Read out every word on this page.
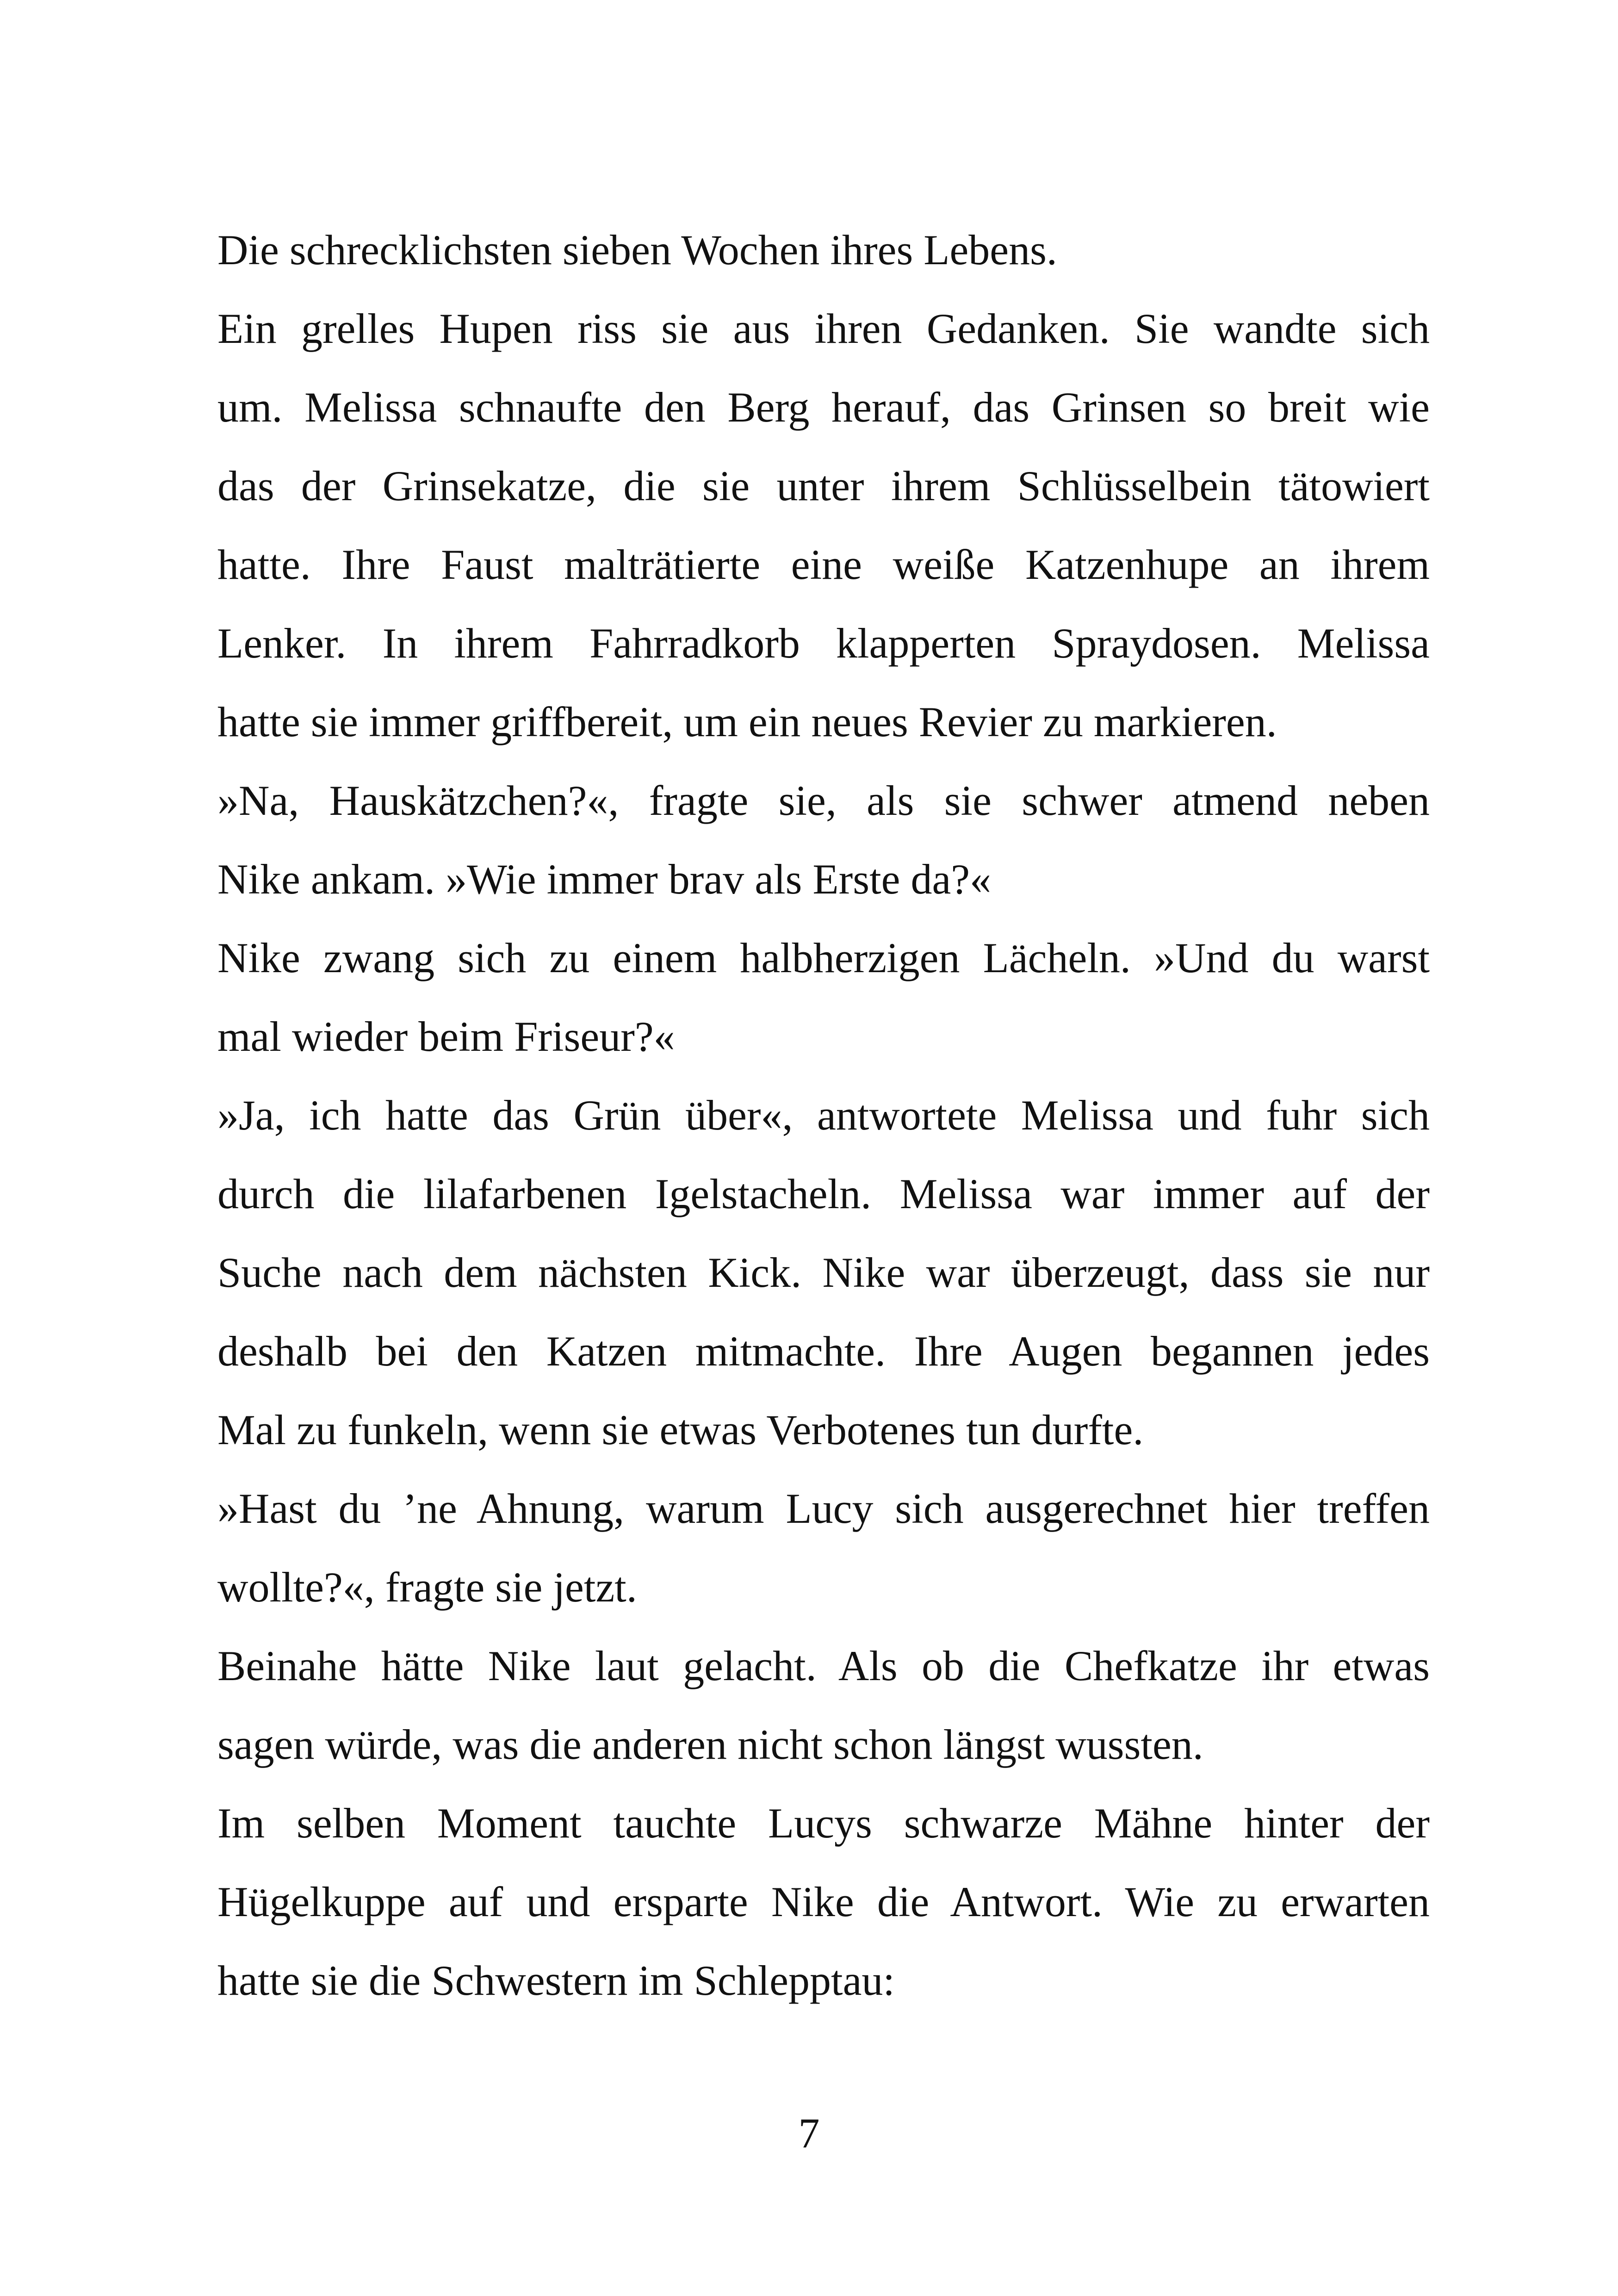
Die schrecklichsten sieben Wochen ihres Lebens.
Ein grelles Hupen riss sie aus ihren Gedanken. Sie wandte sich
um. Melissa schnaufte den Berg herauf, das Grinsen so breit wie
das der Grinsekatze, die sie unter ihrem Schlüsselbein tätowiert
hatte. Ihre Faust malträtierte eine weiße Katzenhupe an ihrem
Lenker. In ihrem Fahrradkorb klapperten Spraydosen. Melissa
hatte sie immer griffbereit, um ein neues Revier zu markieren.
»Na, Hauskätzchen?«, fragte sie, als sie schwer atmend neben
Nike ankam. »Wie immer brav als Erste da?«
Nike zwang sich zu einem halbherzigen Lächeln. »Und du warst
mal wieder beim Friseur?«
»Ja, ich hatte das Grün über«, antwortete Melissa und fuhr sich
durch die lilafarbenen Igelstacheln. Melissa war immer auf der
Suche nach dem nächsten Kick. Nike war überzeugt, dass sie nur
deshalb bei den Katzen mitmachte. Ihre Augen begannen jedes
Mal zu funkeln, wenn sie etwas Verbotenes tun durfte.
»Hast du ’ne Ahnung, warum Lucy sich ausgerechnet hier treffen
wollte?«, fragte sie jetzt.
Beinahe hätte Nike laut gelacht. Als ob die Chefkatze ihr etwas
sagen würde, was die anderen nicht schon längst wussten.
Im selben Moment tauchte Lucys schwarze Mähne hinter der
Hügelkuppe auf und ersparte Nike die Antwort. Wie zu erwarten
hatte sie die Schwestern im Schlepptau:
7
